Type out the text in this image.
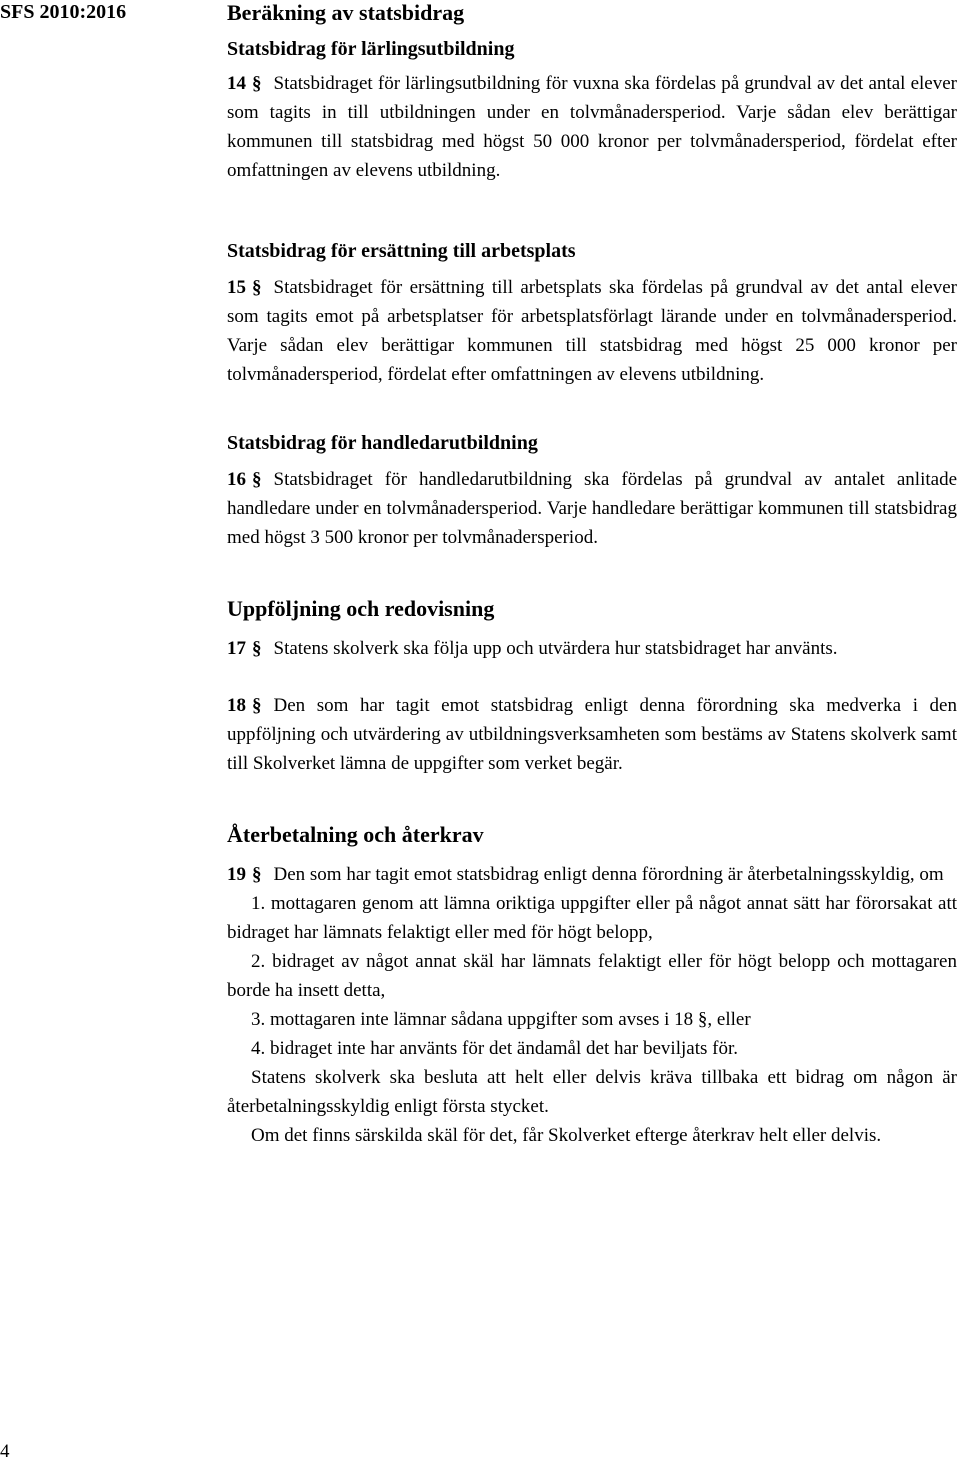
SFS 2010:2016	Beräkning av statsbidrag
Statsbidrag för lärlingsutbildning

14 § Statsbidraget för lärlingsutbildning för vuxna ska fördelas på grundval av det antal elever som tagits in till utbildningen under en tolvmånadersperiod. Varje sådan elev berättigar kommunen till statsbidrag med högst 50 000 kronor per tolvmånadersperiod, fördelat efter omfattningen av elevens utbildning.

Statsbidrag för ersättning till arbetsplats

15 § Statsbidraget för ersättning till arbetsplats ska fördelas på grundval av det antal elever som tagits emot på arbetsplatser för arbetsplatsförlagt lärande under en tolvmånadersperiod. Varje sådan elev berättigar kommunen till statsbidrag med högst 25 000 kronor per tolvmånadersperiod, fördelat efter omfattningen av elevens utbildning.

Statsbidrag för handledarutbildning

16 § Statsbidraget för handledarutbildning ska fördelas på grundval av antalet anlitade handledare under en tolvmånadersperiod. Varje handledare berättigar kommunen till statsbidrag med högst 3 500 kronor per tolvmånadersperiod.

Uppföljning och redovisning

17 § Statens skolverk ska följa upp och utvärdera hur statsbidraget har använts.

18 § Den som har tagit emot statsbidrag enligt denna förordning ska medverka i den uppföljning och utvärdering av utbildningsverksamheten som bestäms av Statens skolverk samt till Skolverket lämna de uppgifter som verket begär.

Återbetalning och återkrav

19 § Den som har tagit emot statsbidrag enligt denna förordning är återbetalningsskyldig, om

1. mottagaren genom att lämna oriktiga uppgifter eller på något annat sätt har förorsakat att bidraget har lämnats felaktigt eller med för högt belopp,

2. bidraget av något annat skäl har lämnats felaktigt eller för högt belopp och mottagaren borde ha insett detta,

3. mottagaren inte lämnar sådana uppgifter som avses i 18 §, eller

4. bidraget inte har använts för det ändamål det har beviljats för.

Statens skolverk ska besluta att helt eller delvis kräva tillbaka ett bidrag om någon är återbetalningsskyldig enligt första stycket.

Om det finns särskilda skäl för det, får Skolverket efterge återkrav helt eller delvis.

4
